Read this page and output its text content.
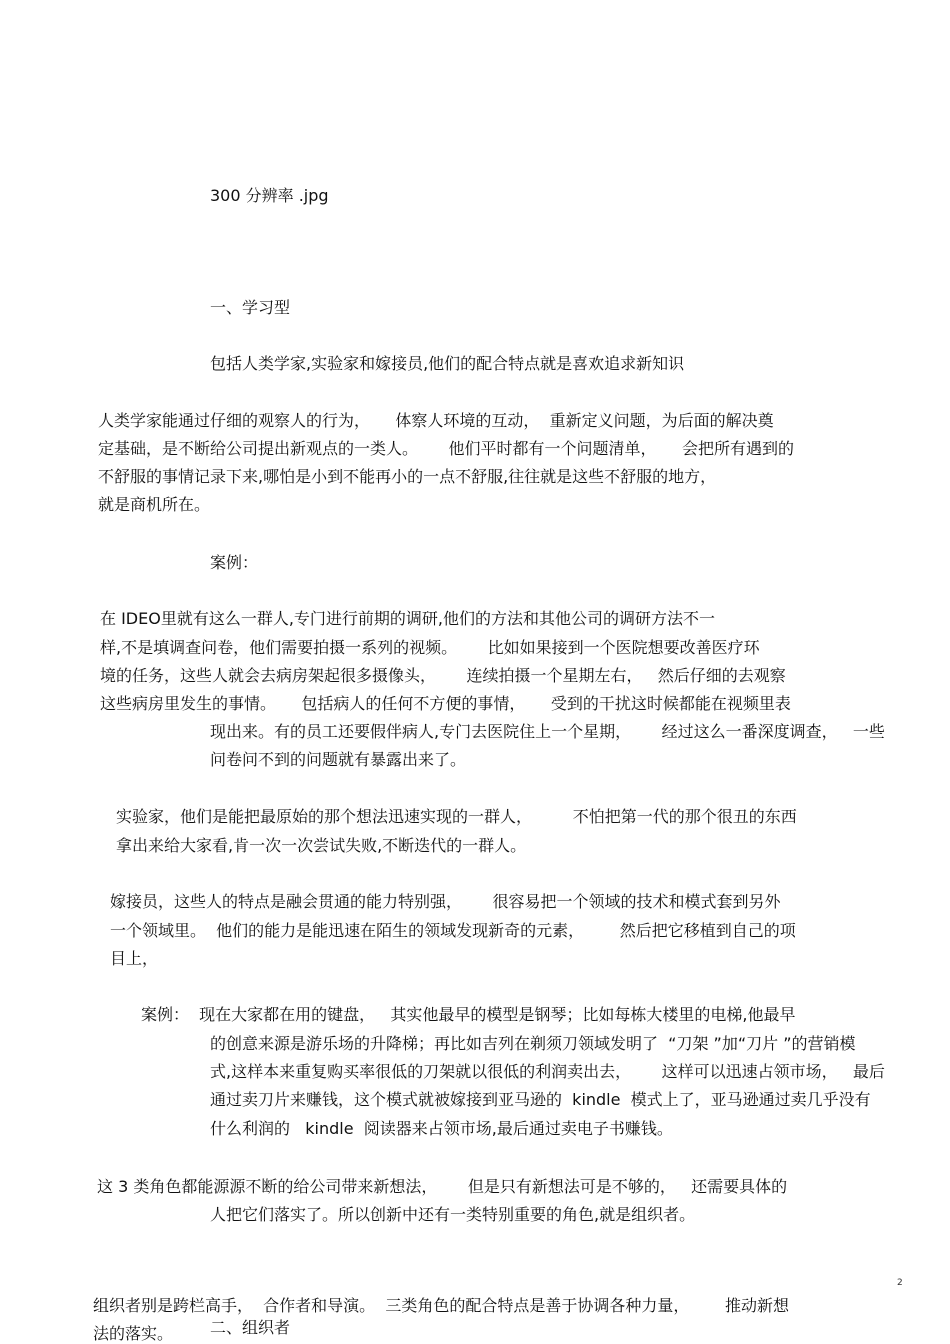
300 分辨率 .jpg

一、学习型

包括人类学家,实验家和嫁接员,他们的配合特点就是喜欢追求新知识

人类学家能通过仔细的观察人的行为，     体察人环境的互动，  重新定义问题，为后面的解决奠

定基础，是不断给公司提出新观点的一类人。      他们平时都有一个问题清单，     会把所有遇到的

不舒服的事情记录下来,哪怕是小到不能再小的一点不舒服,往往就是这些不舒服的地方，

就是商机所在。

案例：

在 IDEO里就有这么一群人,专门进行前期的调研,他们的方法和其他公司的调研方法不一

样,不是填调查问卷，他们需要拍摄一系列的视频。      比如如果接到一个医院想要改善医疗环

境的任务，这些人就会去病房架起很多摄像头，      连续拍摄一个星期左右，   然后仔细的去观察

这些病房里发生的事情。     包括病人的任何不方便的事情，     受到的干扰这时候都能在视频里表

现出来。有的员工还要假伴病人,专门去医院住上一个星期，      经过这么一番深度调查，   一些

问卷问不到的问题就有暴露出来了。

实验家，他们是能把最原始的那个想法迅速实现的一群人，        不怕把第一代的那个很丑的东西

拿出来给大家看,肯一次一次尝试失败,不断迭代的一群人。

嫁接员，这些人的特点是融会贯通的能力特别强，      很容易把一个领域的技术和模式套到另外

一个领域里。  他们的能力是能迅速在陌生的领域发现新奇的元素，       然后把它移植到自己的项

目上，

案例：  现在大家都在用的键盘，   其实他最早的模型是钢琴；比如每栋大楼里的电梯,他最早

的创意来源是游乐场的升降梯；再比如吉列在剃须刀领域发明了  “刀架 ”加“刀片 ”的营销模

式,这样本来重复购买率很低的刀架就以很低的利润卖出去，      这样可以迅速占领市场，   最后

通过卖刀片来赚钱，这个模式就被嫁接到亚马逊的  kindle  模式上了，亚马逊通过卖几乎没有

什么利润的   kindle  阅读器来占领市场,最后通过卖电子书赚钱。

这 3 类角色都能源源不断的给公司带来新想法，      但是只有新想法可是不够的，   还需要具体的

人把它们落实了。所以创新中还有一类特别重要的角色,就是组织者。

2

组织者别是跨栏高手，  合作者和导演。  三类角色的配合特点是善于协调各种力量，       推动新想

法的落实。 二、组织者
